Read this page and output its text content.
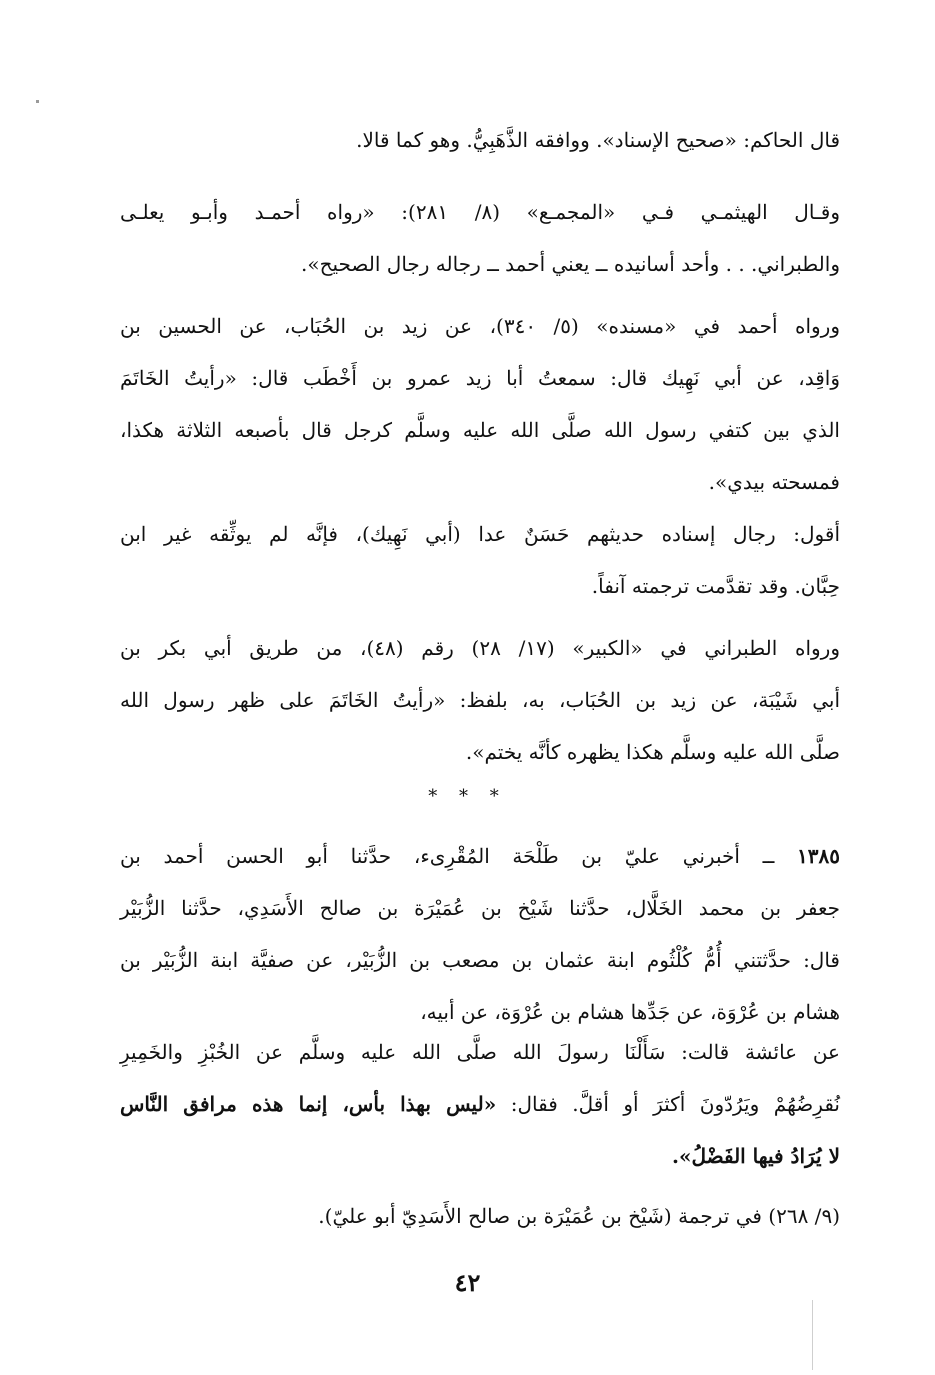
قال الحاكم: «صحيح الإسناد». ووافقه الذَّهَبِيُّ. وهو كما قالا.
وقـال الهيثمـي فـي «المجمـع» (٨/ ٢٨١): «رواه أحمـد وأبـو يعلـى
والطبراني. . . وأحد أسانيده ــ يعني أحمد ــ رجاله رجال الصحيح».
ورواه أحمد في «مسنده» (٥/ ٣٤٠)، عن زيد بن الحُبَاب، عن الحسين بن
وَاقِد، عن أبي نَهِيك قال: سمعتُ أبا زيد عمرو بن أَخْطَب قال: «رأيتُ الخَاتَمَ
الذي بين كتفي رسول الله صلَّى الله عليه وسلَّم كرجل قال بأصبعه الثلاثة هكذا،
فمسحته بيدي».
أقول: رجال إسناده حديثهم حَسَنٌ عدا (أبي نَهِيك)، فإنَّه لم يوثِّقه غير ابن
حِبَّان. وقد تقدَّمت ترجمته آنفاً.
ورواه الطبراني في «الكبير» (١٧/ ٢٨) رقم (٤٨)، من طريق أبي بكر بن
أبي شَيْبَة، عن زيد بن الحُبَاب، به، بلفظ: «رأيتُ الخَاتَمَ على ظهر رسول الله
صلَّى الله عليه وسلَّم هكذا يظهره كأنَّه يختم».
* * *
١٣٨٥ ــ أخبرني عليّ بن طَلْحَة المُقْرِىء، حدَّثنا أبو الحسن أحمد بن
جعفر بن محمد الخَلَّال، حدَّثنا شَيْخ بن عُمَيْرَة بن صالح الأَسَدِي، حدَّثنا الزُّبَيْر
قال: حدَّثتني أُمُّ كُلْثُوم ابنة عثمان بن مصعب بن الزُّبَيْر، عن صفيَّة ابنة الزُّبَيْر بن
هشام بن عُرْوَة، عن جَدِّها هشام بن عُرْوَة، عن أبيه،
عن عائشة قالت: سَأَلْنَا رسولَ الله صلَّى الله عليه وسلَّم عن الخُبْزِ والخَمِيرِ
نُقرِضُهُمْ ويَرُدّونَ أكثرَ أو أقلَّ. فقال: «ليس بهذا بأس، إنما هذه مرافق النَّاس
لا يُرَادُ فيها الفَضْلُ».
(٩/ ٢٦٨) في ترجمة (شَيْخ بن عُمَيْرَة بن صالح الأَسَدِيّ أبو عليّ).
٤٢
